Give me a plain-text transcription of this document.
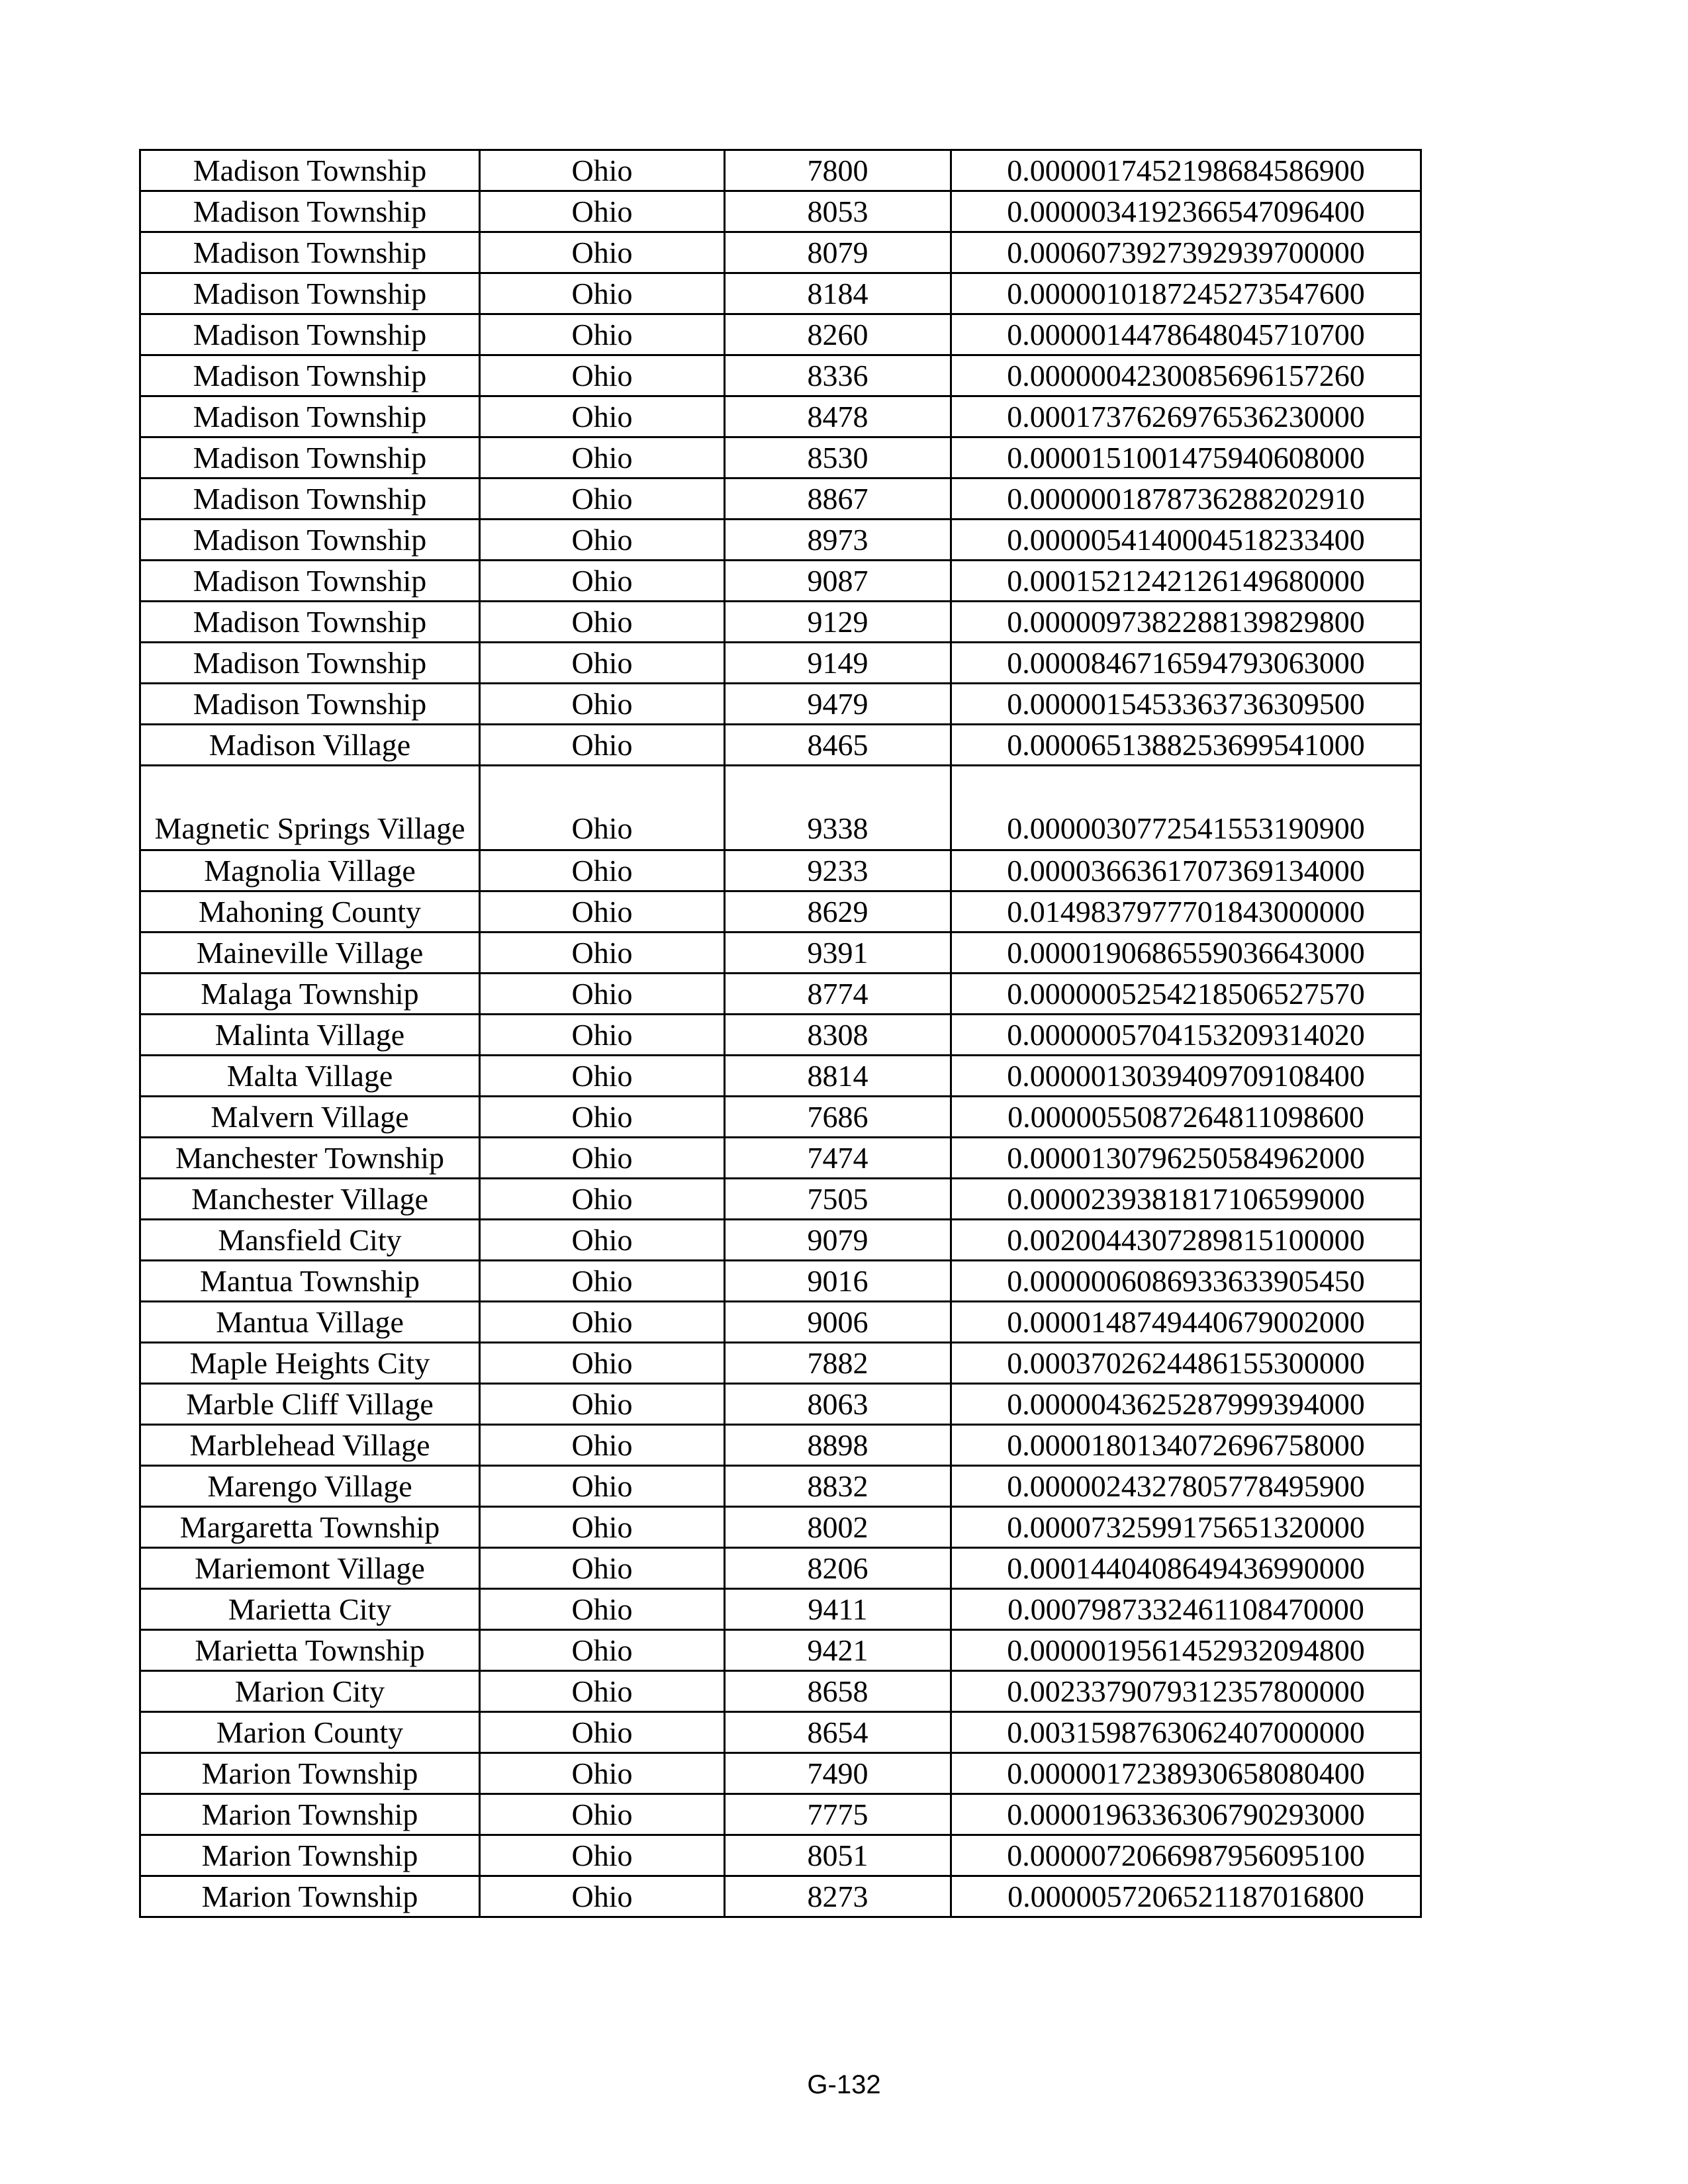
Madison Township	Ohio	7800	0.0000017452198684586900
Madison Township	Ohio	8053	0.0000034192366547096400
Madison Township	Ohio	8079	0.0006073927392939700000
Madison Township	Ohio	8184	0.0000010187245273547600
Madison Township	Ohio	8260	0.0000014478648045710700
Madison Township	Ohio	8336	0.0000004230085696157260
Madison Township	Ohio	8478	0.0001737626976536230000
Madison Township	Ohio	8530	0.0000151001475940608000
Madison Township	Ohio	8867	0.0000001878736288202910
Madison Township	Ohio	8973	0.0000054140004518233400
Madison Township	Ohio	9087	0.0001521242126149680000
Madison Township	Ohio	9129	0.0000097382288139829800
Madison Township	Ohio	9149	0.0000846716594793063000
Madison Township	Ohio	9479	0.0000015453363736309500
Madison Village	Ohio	8465	0.0000651388253699541000
Magnetic Springs Village	Ohio	9338	0.0000030772541553190900
Magnolia Village	Ohio	9233	0.0000366361707369134000
Mahoning County	Ohio	8629	0.0149837977701843000000
Maineville Village	Ohio	9391	0.0000190686559036643000
Malaga Township	Ohio	8774	0.0000005254218506527570
Malinta Village	Ohio	8308	0.0000005704153209314020
Malta Village	Ohio	8814	0.0000013039409709108400
Malvern Village	Ohio	7686	0.0000055087264811098600
Manchester Township	Ohio	7474	0.0000130796250584962000
Manchester Village	Ohio	7505	0.0000239381817106599000
Mansfield City	Ohio	9079	0.0020044307289815100000
Mantua Township	Ohio	9016	0.0000006086933633905450
Mantua Village	Ohio	9006	0.0000148749440679002000
Maple Heights City	Ohio	7882	0.0003702624486155300000
Marble Cliff Village	Ohio	8063	0.0000043625287999394000
Marblehead Village	Ohio	8898	0.0000180134072696758000
Marengo Village	Ohio	8832	0.0000024327805778495900
Margaretta Township	Ohio	8002	0.0000732599175651320000
Mariemont Village	Ohio	8206	0.0001440408649436990000
Marietta City	Ohio	9411	0.0007987332461108470000
Marietta Township	Ohio	9421	0.0000019561452932094800
Marion City	Ohio	8658	0.0023379079312357800000
Marion County	Ohio	8654	0.0031598763062407000000
Marion Township	Ohio	7490	0.0000017238930658080400
Marion Township	Ohio	7775	0.0000196336306790293000
Marion Township	Ohio	8051	0.0000072066987956095100
Marion Township	Ohio	8273	0.0000057206521187016800
G-132
